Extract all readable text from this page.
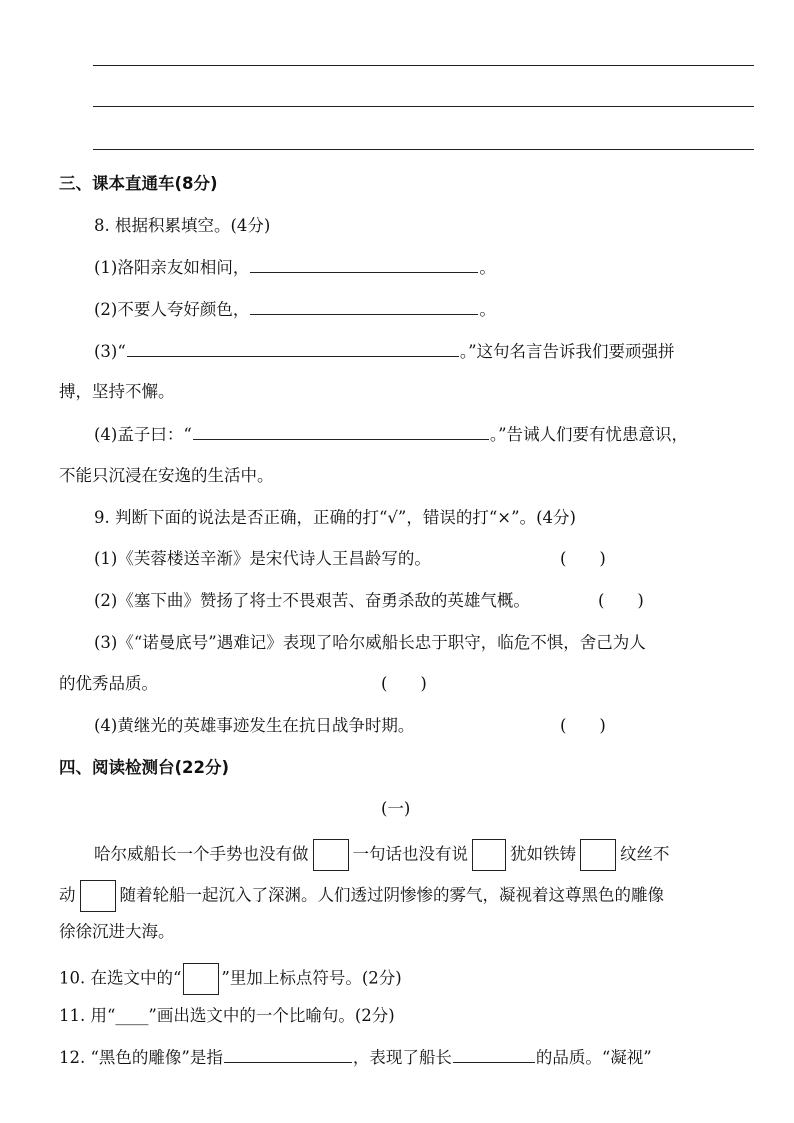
三、课本直通车(8分)
8. 根据积累填空。(4分)
(1)洛阳亲友如相问，	。
(2)不要人夸好颜色，	。
(3)“	。”这句名言告诉我们要顽强拼
搏，坚持不懈。
(4)孟子曰：“	。”告诫人们要有忧患意识，
不能只沉浸在安逸的生活中。
9. 判断下面的说法是否正确，正确的打“√”，错误的打“×”。(4分)
(1)《芙蓉楼送辛渐》是宋代诗人王昌龄写的。	(　　)
(2)《塞下曲》赞扬了将士不畏艰苦、奋勇杀敌的英雄气概。	(　　)
(3)《“诺曼底号”遇难记》表现了哈尔威船长忠于职守，临危不惧，舍己为人
的优秀品质。	(　　)
(4)黄继光的英雄事迹发生在抗日战争时期。	(　　)
四、阅读检测台(22分)
(一)
哈尔威船长一个手势也没有做	一句话也没有说	犹如铁铸	纹丝不
动	随着轮船一起沉入了深渊。人们透过阴惨惨的雾气，凝视着这尊黑色的雕像
徐徐沉进大海。
10. 在选文中的“ ”里加上标点符号。(2分)
11. 用“____”画出选文中的一个比喻句。(2分)
12. “黑色的雕像”是指	，表现了船长	的品质。“凝视”
